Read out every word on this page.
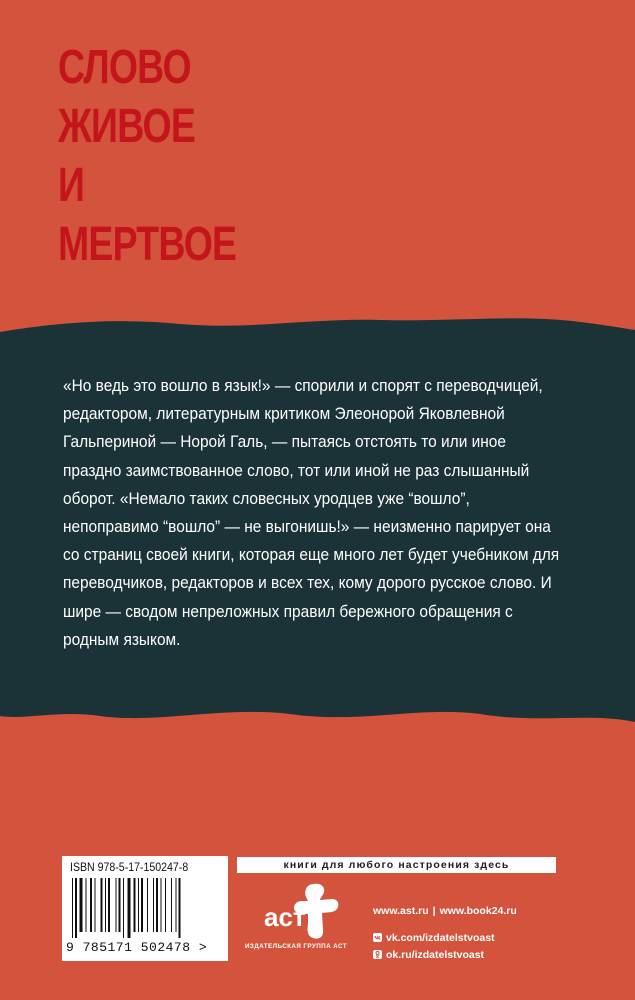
СЛОВО
ЖИВОЕ
И
МЕРТВОЕ
«Но ведь это вошло в язык!» — спорили и спорят с переводчицей, редактором, литературным критиком Элеонорой Яковлевной Гальпериной — Норой Галь, — пытаясь отстоять то или иное праздно заимствованное слово, тот или иной не раз слышанный оборот. «Немало таких словесных уродцев уже “вошло”, непоправимо “вошло” — не выгонишь!» — неизменно парирует она со страниц своей книги, которая еще много лет будет учебником для переводчиков, редакторов и всех тех, кому дорого русское слово. И шире — сводом непреложных правил бережного обращения с родным языком.
ISBN 978-5-17-150247-8
9 785171 502478 >
книги для любого настроения здесь
аст
ИЗДАТЕЛЬСКАЯ ГРУППА АСТ
www.ast.ru | www.book24.ru
vk.com/izdatelstvoast
ok.ru/izdatelstvoast
